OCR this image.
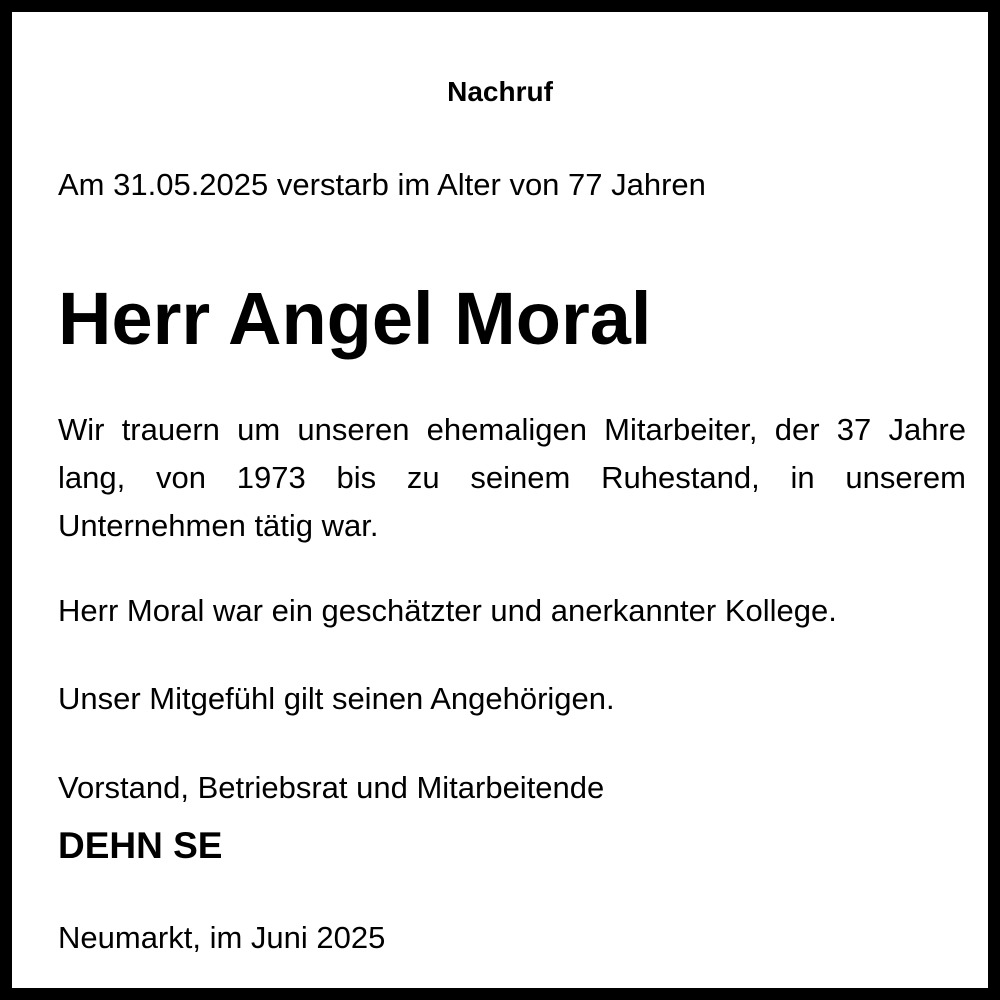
Nachruf

Am 31.05.2025 verstarb im Alter von 77 Jahren

Herr Angel Moral

Wir trauern um unseren ehemaligen Mitarbeiter, der 37 Jahre lang, von 1973 bis zu seinem Ruhestand, in unserem Unternehmen tätig war.

Herr Moral war ein geschätzter und anerkannter Kollege.

Unser Mitgefühl gilt seinen Angehörigen.

Vorstand, Betriebsrat und Mitarbeitende

DEHN SE

Neumarkt, im Juni 2025
